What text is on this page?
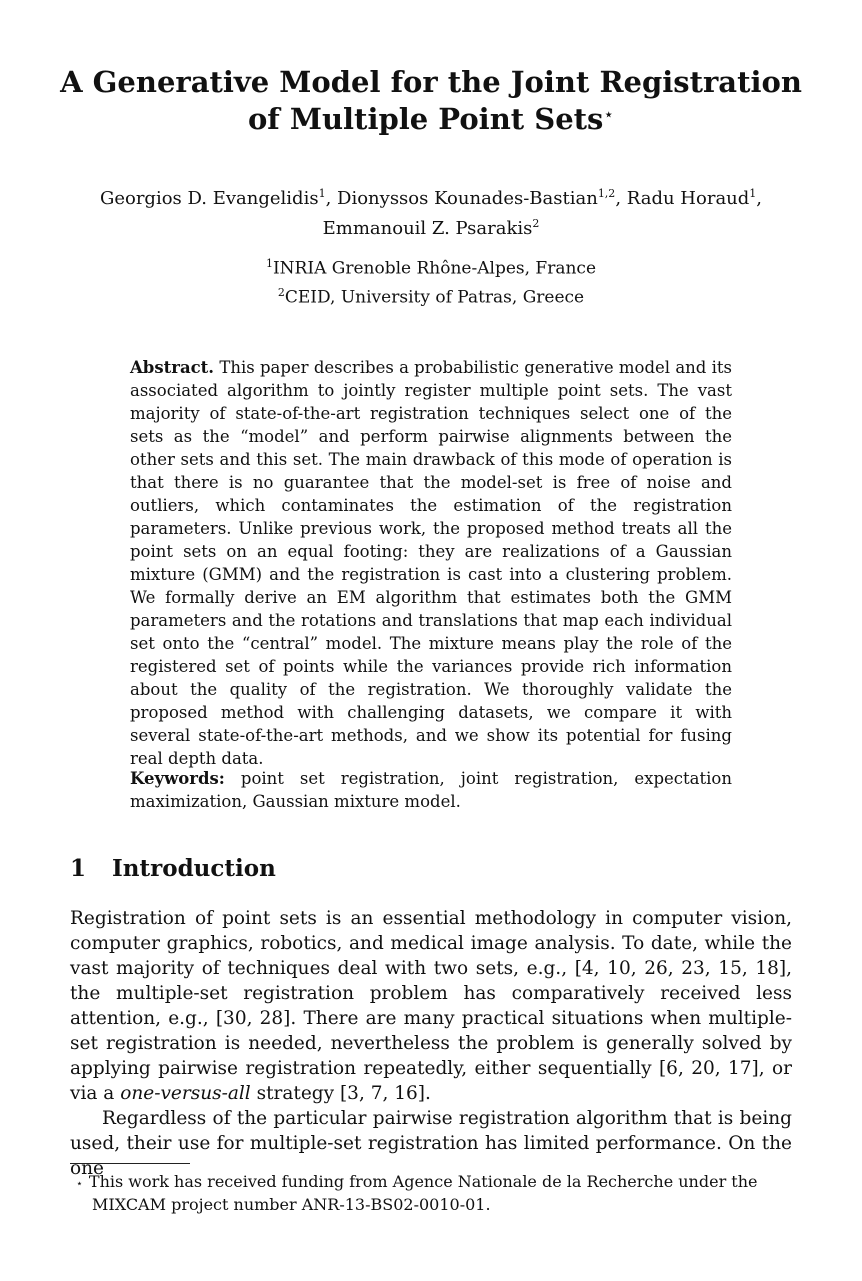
A Generative Model for the Joint Registration
of Multiple Point Sets⋆
Georgios D. Evangelidis$^1$, Dionyssos Kounades-Bastian$^{1,2}$, Radu Horaud$^1$,
Emmanouil Z. Psarakis$^2$
$^1$INRIA Grenoble Rhône-Alpes, France
$^2$CEID, University of Patras, Greece
Abstract. This paper describes a probabilistic generative model and its associated algorithm to jointly register multiple point sets. The vast majority of state-of-the-art registration techniques select one of the sets as the “model” and perform pairwise alignments between the other sets and this set. The main drawback of this mode of operation is that there is no guarantee that the model-set is free of noise and outliers, which contaminates the estimation of the registration parameters. Unlike previous work, the proposed method treats all the point sets on an equal footing: they are realizations of a Gaussian mixture (GMM) and the registration is cast into a clustering problem. We formally derive an EM algorithm that estimates both the GMM parameters and the rotations and translations that map each individual set onto the “central” model. The mixture means play the role of the registered set of points while the variances provide rich information about the quality of the registration. We thoroughly validate the proposed method with challenging datasets, we compare it with several state-of-the-art methods, and we show its potential for fusing real depth data.
Keywords: point set registration, joint registration, expectation maximization, Gaussian mixture model.
1 Introduction

Registration of point sets is an essential methodology in computer vision, computer graphics, robotics, and medical image analysis. To date, while the vast majority of techniques deal with two sets, e.g., [4, 10, 26, 23, 15, 18], the multiple-set registration problem has comparatively received less attention, e.g., [30, 28]. There are many practical situations when multiple-set registration is needed, nevertheless the problem is generally solved by applying pairwise registration repeatedly, either sequentially [6, 20, 17], or via a one-versus-all strategy [3, 7, 16].

Regardless of the particular pairwise registration algorithm that is being used, their use for multiple-set registration has limited performance. On the one

⋆ This work has received funding from Agence Nationale de la Recherche under the
MIXCAM project number ANR-13-BS02-0010-01.
